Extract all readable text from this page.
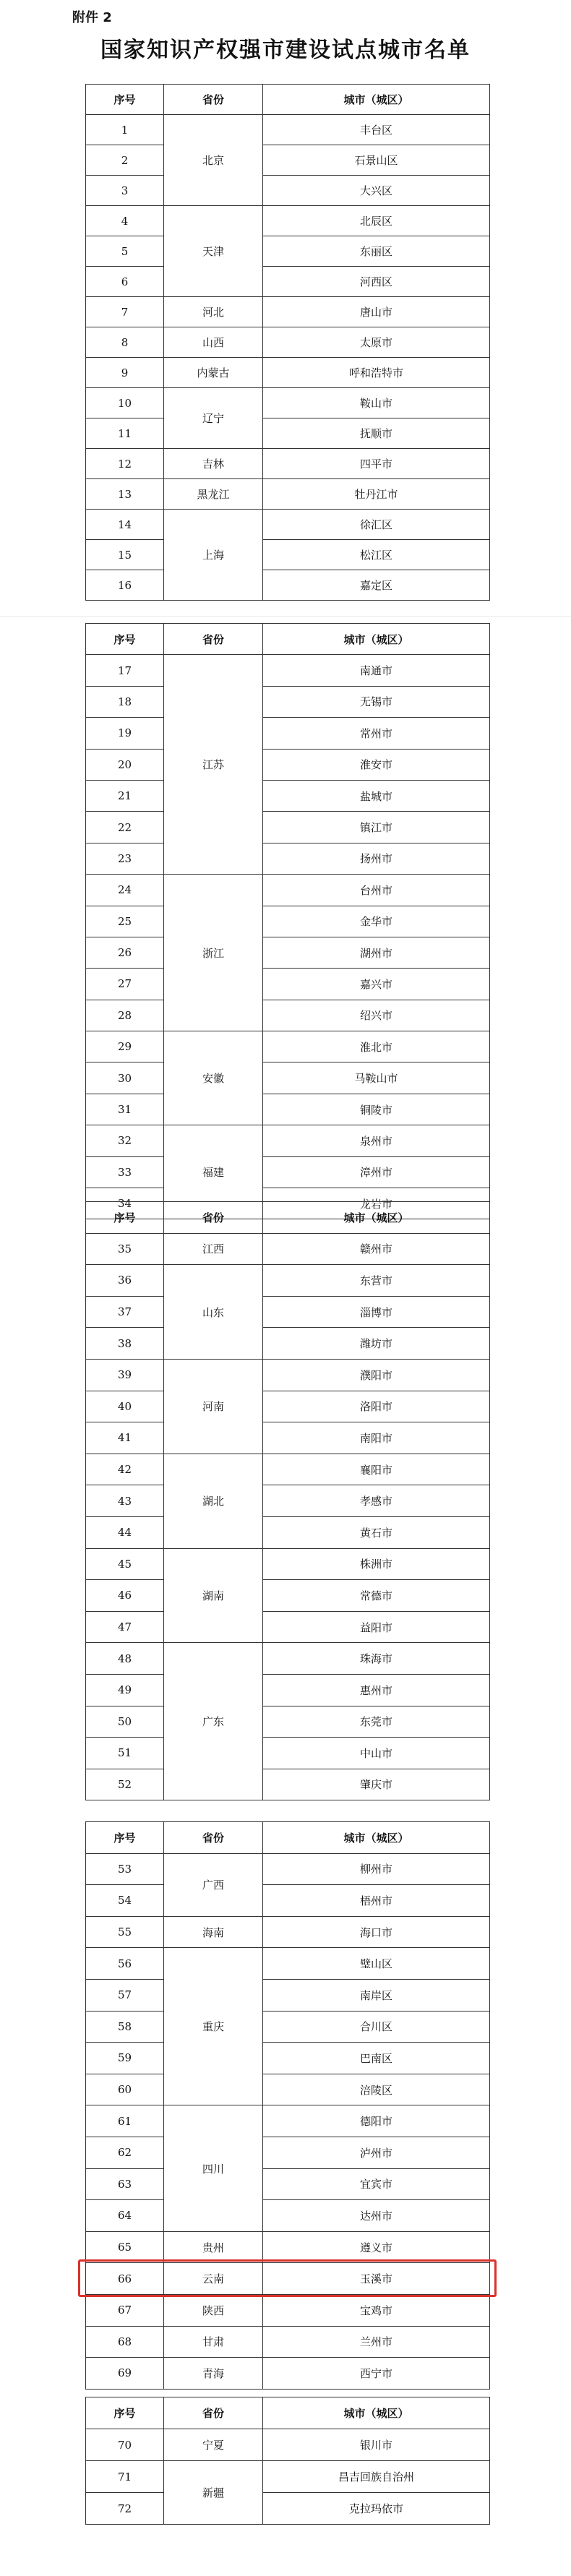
附件 2
国家知识产权强市建设试点城市名单
序号	省份	城市（城区）
1	北京	丰台区
2		石景山区
3		大兴区
4	天津	北辰区
5		东丽区
6		河西区
7	河北	唐山市
8	山西	太原市
9	内蒙古	呼和浩特市
10	辽宁	鞍山市
11		抚顺市
12	吉林	四平市
13	黑龙江	牡丹江市
14	上海	徐汇区
15		松江区
16		嘉定区
序号	省份	城市（城区）
17	江苏	南通市
18		无锡市
19		常州市
20		淮安市
21		盐城市
22		镇江市
23		扬州市
24	浙江	台州市
25		金华市
26		湖州市
27		嘉兴市
28		绍兴市
29	安徽	淮北市
30		马鞍山市
31		铜陵市
32	福建	泉州市
33		漳州市
34		龙岩市
序号	省份	城市（城区）
35	江西	赣州市
36	山东	东营市
37		淄博市
38		潍坊市
39	河南	濮阳市
40		洛阳市
41		南阳市
42	湖北	襄阳市
43		孝感市
44		黄石市
45	湖南	株洲市
46		常德市
47		益阳市
48	广东	珠海市
49		惠州市
50		东莞市
51		中山市
52		肇庆市
序号	省份	城市（城区）
53	广西	柳州市
54		梧州市
55	海南	海口市
56	重庆	璧山区
57		南岸区
58		合川区
59		巴南区
60		涪陵区
61	四川	德阳市
62		泸州市
63		宜宾市
64		达州市
65	贵州	遵义市
66	云南	玉溪市
67	陕西	宝鸡市
68	甘肃	兰州市
69	青海	西宁市
序号	省份	城市（城区）
70	宁夏	银川市
71	新疆	昌吉回族自治州
72		克拉玛依市
